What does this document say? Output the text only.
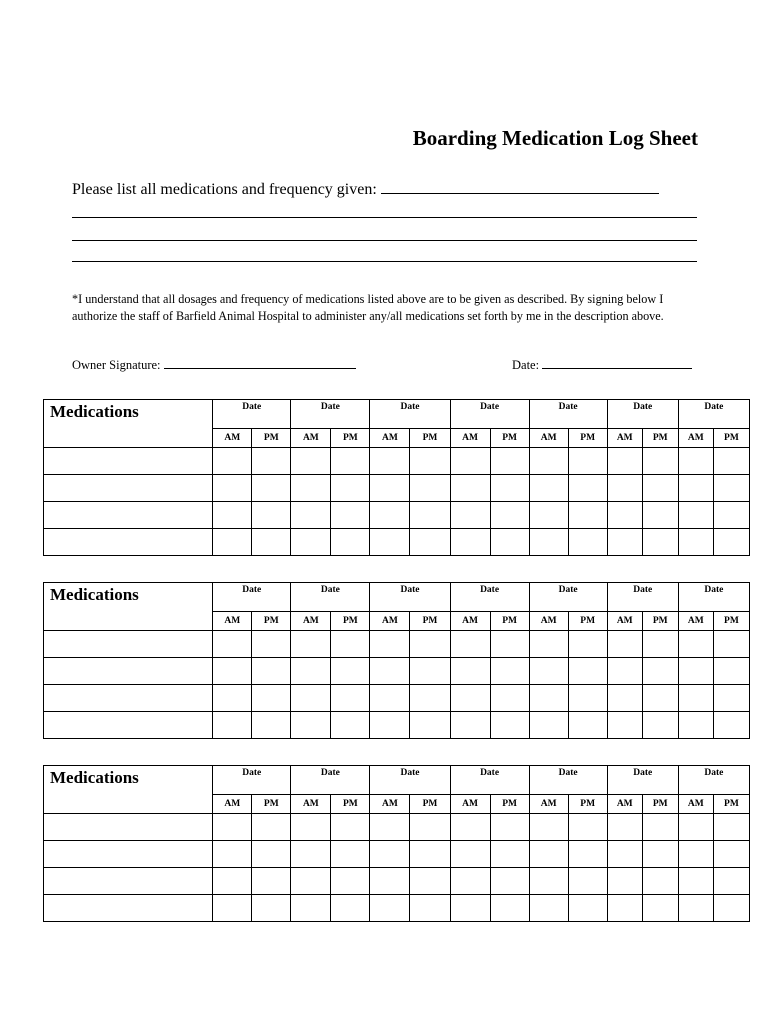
Boarding Medication Log Sheet
Please list all medications and frequency given:
*I understand that all dosages and frequency of medications listed above are to be given as described. By signing below I authorize the staff of Barfield Animal Hospital to administer any/all medications set forth by me in the description above.
Owner Signature:	Date:
Medications	Date		Date		Date		Date		Date		Date		Date	
	AM	PM	AM	PM	AM	PM	AM	PM	AM	PM	AM	PM	AM	PM

Medications	Date		Date		Date		Date		Date		Date		Date	
	AM	PM	AM	PM	AM	PM	AM	PM	AM	PM	AM	PM	AM	PM

Medications	Date		Date		Date		Date		Date		Date		Date	
	AM	PM	AM	PM	AM	PM	AM	PM	AM	PM	AM	PM	AM	PM
